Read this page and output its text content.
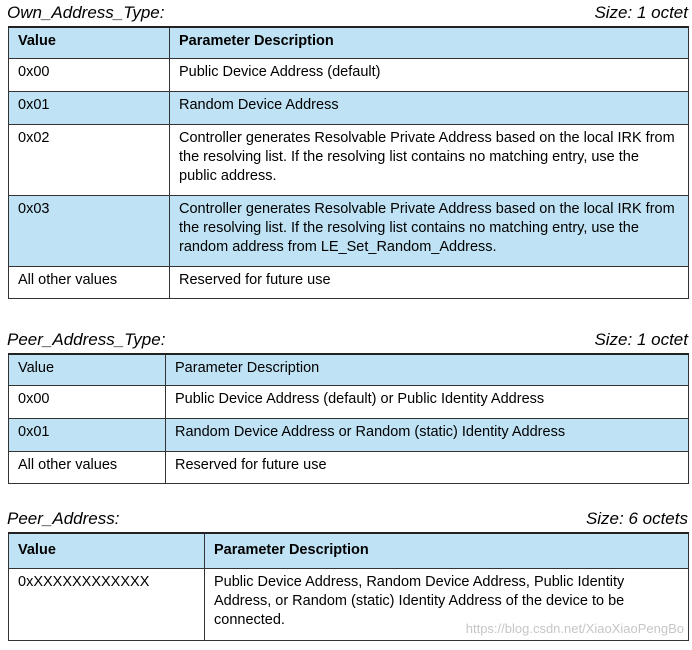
Own_Address_Type:	Size: 1 octet
Value	Parameter Description
0x00	Public Device Address (default)
0x01	Random Device Address
0x02	Controller generates Resolvable Private Address based on the local IRK from the resolving list. If the resolving list contains no matching entry, use the public address.
0x03	Controller generates Resolvable Private Address based on the local IRK from the resolving list. If the resolving list contains no matching entry, use the random address from LE_Set_Random_Address.
All other values	Reserved for future use
Peer_Address_Type:	Size: 1 octet
Value	Parameter Description
0x00	Public Device Address (default) or Public Identity Address
0x01	Random Device Address or Random (static) Identity Address
All other values	Reserved for future use
Peer_Address:	Size: 6 octets
Value	Parameter Description
0xXXXXXXXXXXXX	Public Device Address, Random Device Address, Public Identity Address, or Random (static) Identity Address of the device to be connected.
https://blog.csdn.net/XiaoXiaoPengBo
